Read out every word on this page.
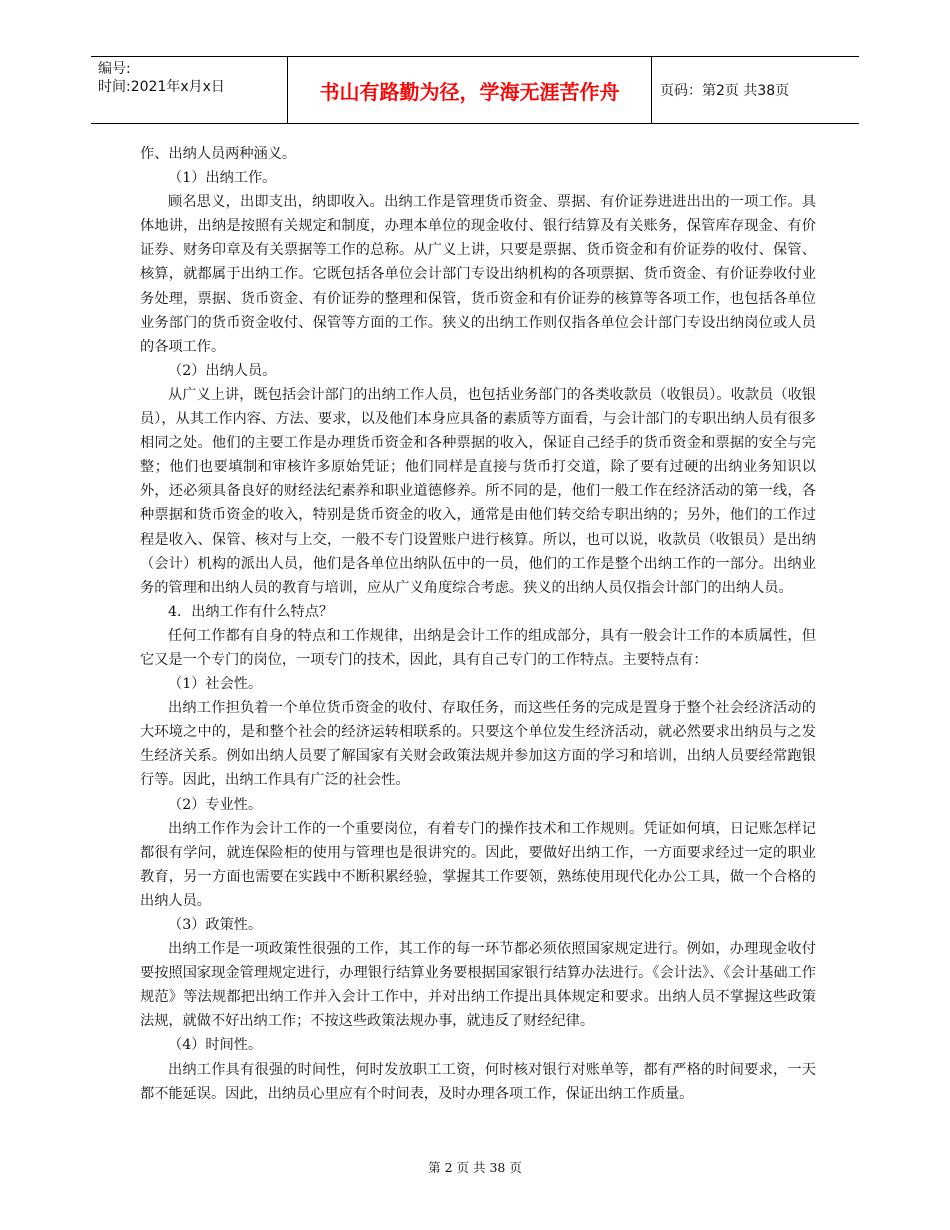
编号:
时间:2021年x月x日	书山有路勤为径，学海无涯苦作舟	页码：第2页 共38页

作、出纳人员两种涵义。

（1）出纳工作。

顾名思义，出即支出，纳即收入。出纳工作是管理货币资金、票据、有价证券进进出出的一项工作。具体地讲，出纳是按照有关规定和制度，办理本单位的现金收付、银行结算及有关账务，保管库存现金、有价证券、财务印章及有关票据等工作的总称。从广义上讲，只要是票据、货币资金和有价证券的收付、保管、核算，就都属于出纳工作。它既包括各单位会计部门专设出纳机构的各项票据、货币资金、有价证券收付业务处理，票据、货币资金、有价证券的整理和保管，货币资金和有价证券的核算等各项工作，也包括各单位业务部门的货币资金收付、保管等方面的工作。狭义的出纳工作则仅指各单位会计部门专设出纳岗位或人员的各项工作。

（2）出纳人员。

从广义上讲，既包括会计部门的出纳工作人员，也包括业务部门的各类收款员（收银员）。收款员（收银员），从其工作内容、方法、要求，以及他们本身应具备的素质等方面看，与会计部门的专职出纳人员有很多相同之处。他们的主要工作是办理货币资金和各种票据的收入，保证自己经手的货币资金和票据的安全与完整；他们也要填制和审核许多原始凭证；他们同样是直接与货币打交道，除了要有过硬的出纳业务知识以外，还必须具备良好的财经法纪素养和职业道德修养。所不同的是，他们一般工作在经济活动的第一线，各种票据和货币资金的收入，特别是货币资金的收入，通常是由他们转交给专职出纳的；另外，他们的工作过程是收入、保管、核对与上交，一般不专门设置账户进行核算。所以，也可以说，收款员（收银员）是出纳（会计）机构的派出人员，他们是各单位出纳队伍中的一员，他们的工作是整个出纳工作的一部分。出纳业务的管理和出纳人员的教育与培训，应从广义角度综合考虑。狭义的出纳人员仅指会计部门的出纳人员。

4．出纳工作有什么特点？

任何工作都有自身的特点和工作规律，出纳是会计工作的组成部分，具有一般会计工作的本质属性，但它又是一个专门的岗位，一项专门的技术，因此，具有自己专门的工作特点。主要特点有：

（1）社会性。

出纳工作担负着一个单位货币资金的收付、存取任务，而这些任务的完成是置身于整个社会经济活动的大环境之中的，是和整个社会的经济运转相联系的。只要这个单位发生经济活动，就必然要求出纳员与之发生经济关系。例如出纳人员要了解国家有关财会政策法规并参加这方面的学习和培训，出纳人员要经常跑银行等。因此，出纳工作具有广泛的社会性。

（2）专业性。

出纳工作作为会计工作的一个重要岗位，有着专门的操作技术和工作规则。凭证如何填，日记账怎样记都很有学问，就连保险柜的使用与管理也是很讲究的。因此，要做好出纳工作，一方面要求经过一定的职业教育，另一方面也需要在实践中不断积累经验，掌握其工作要领，熟练使用现代化办公工具，做一个合格的出纳人员。

（3）政策性。

出纳工作是一项政策性很强的工作，其工作的每一环节都必须依照国家规定进行。例如，办理现金收付要按照国家现金管理规定进行，办理银行结算业务要根据国家银行结算办法进行。《会计法》、《会计基础工作规范》等法规都把出纳工作并入会计工作中，并对出纳工作提出具体规定和要求。出纳人员不掌握这些政策法规，就做不好出纳工作；不按这些政策法规办事，就违反了财经纪律。

（4）时间性。

出纳工作具有很强的时间性，何时发放职工工资，何时核对银行对账单等，都有严格的时间要求，一天都不能延误。因此，出纳员心里应有个时间表，及时办理各项工作，保证出纳工作质量。

第 2 页 共 38 页
